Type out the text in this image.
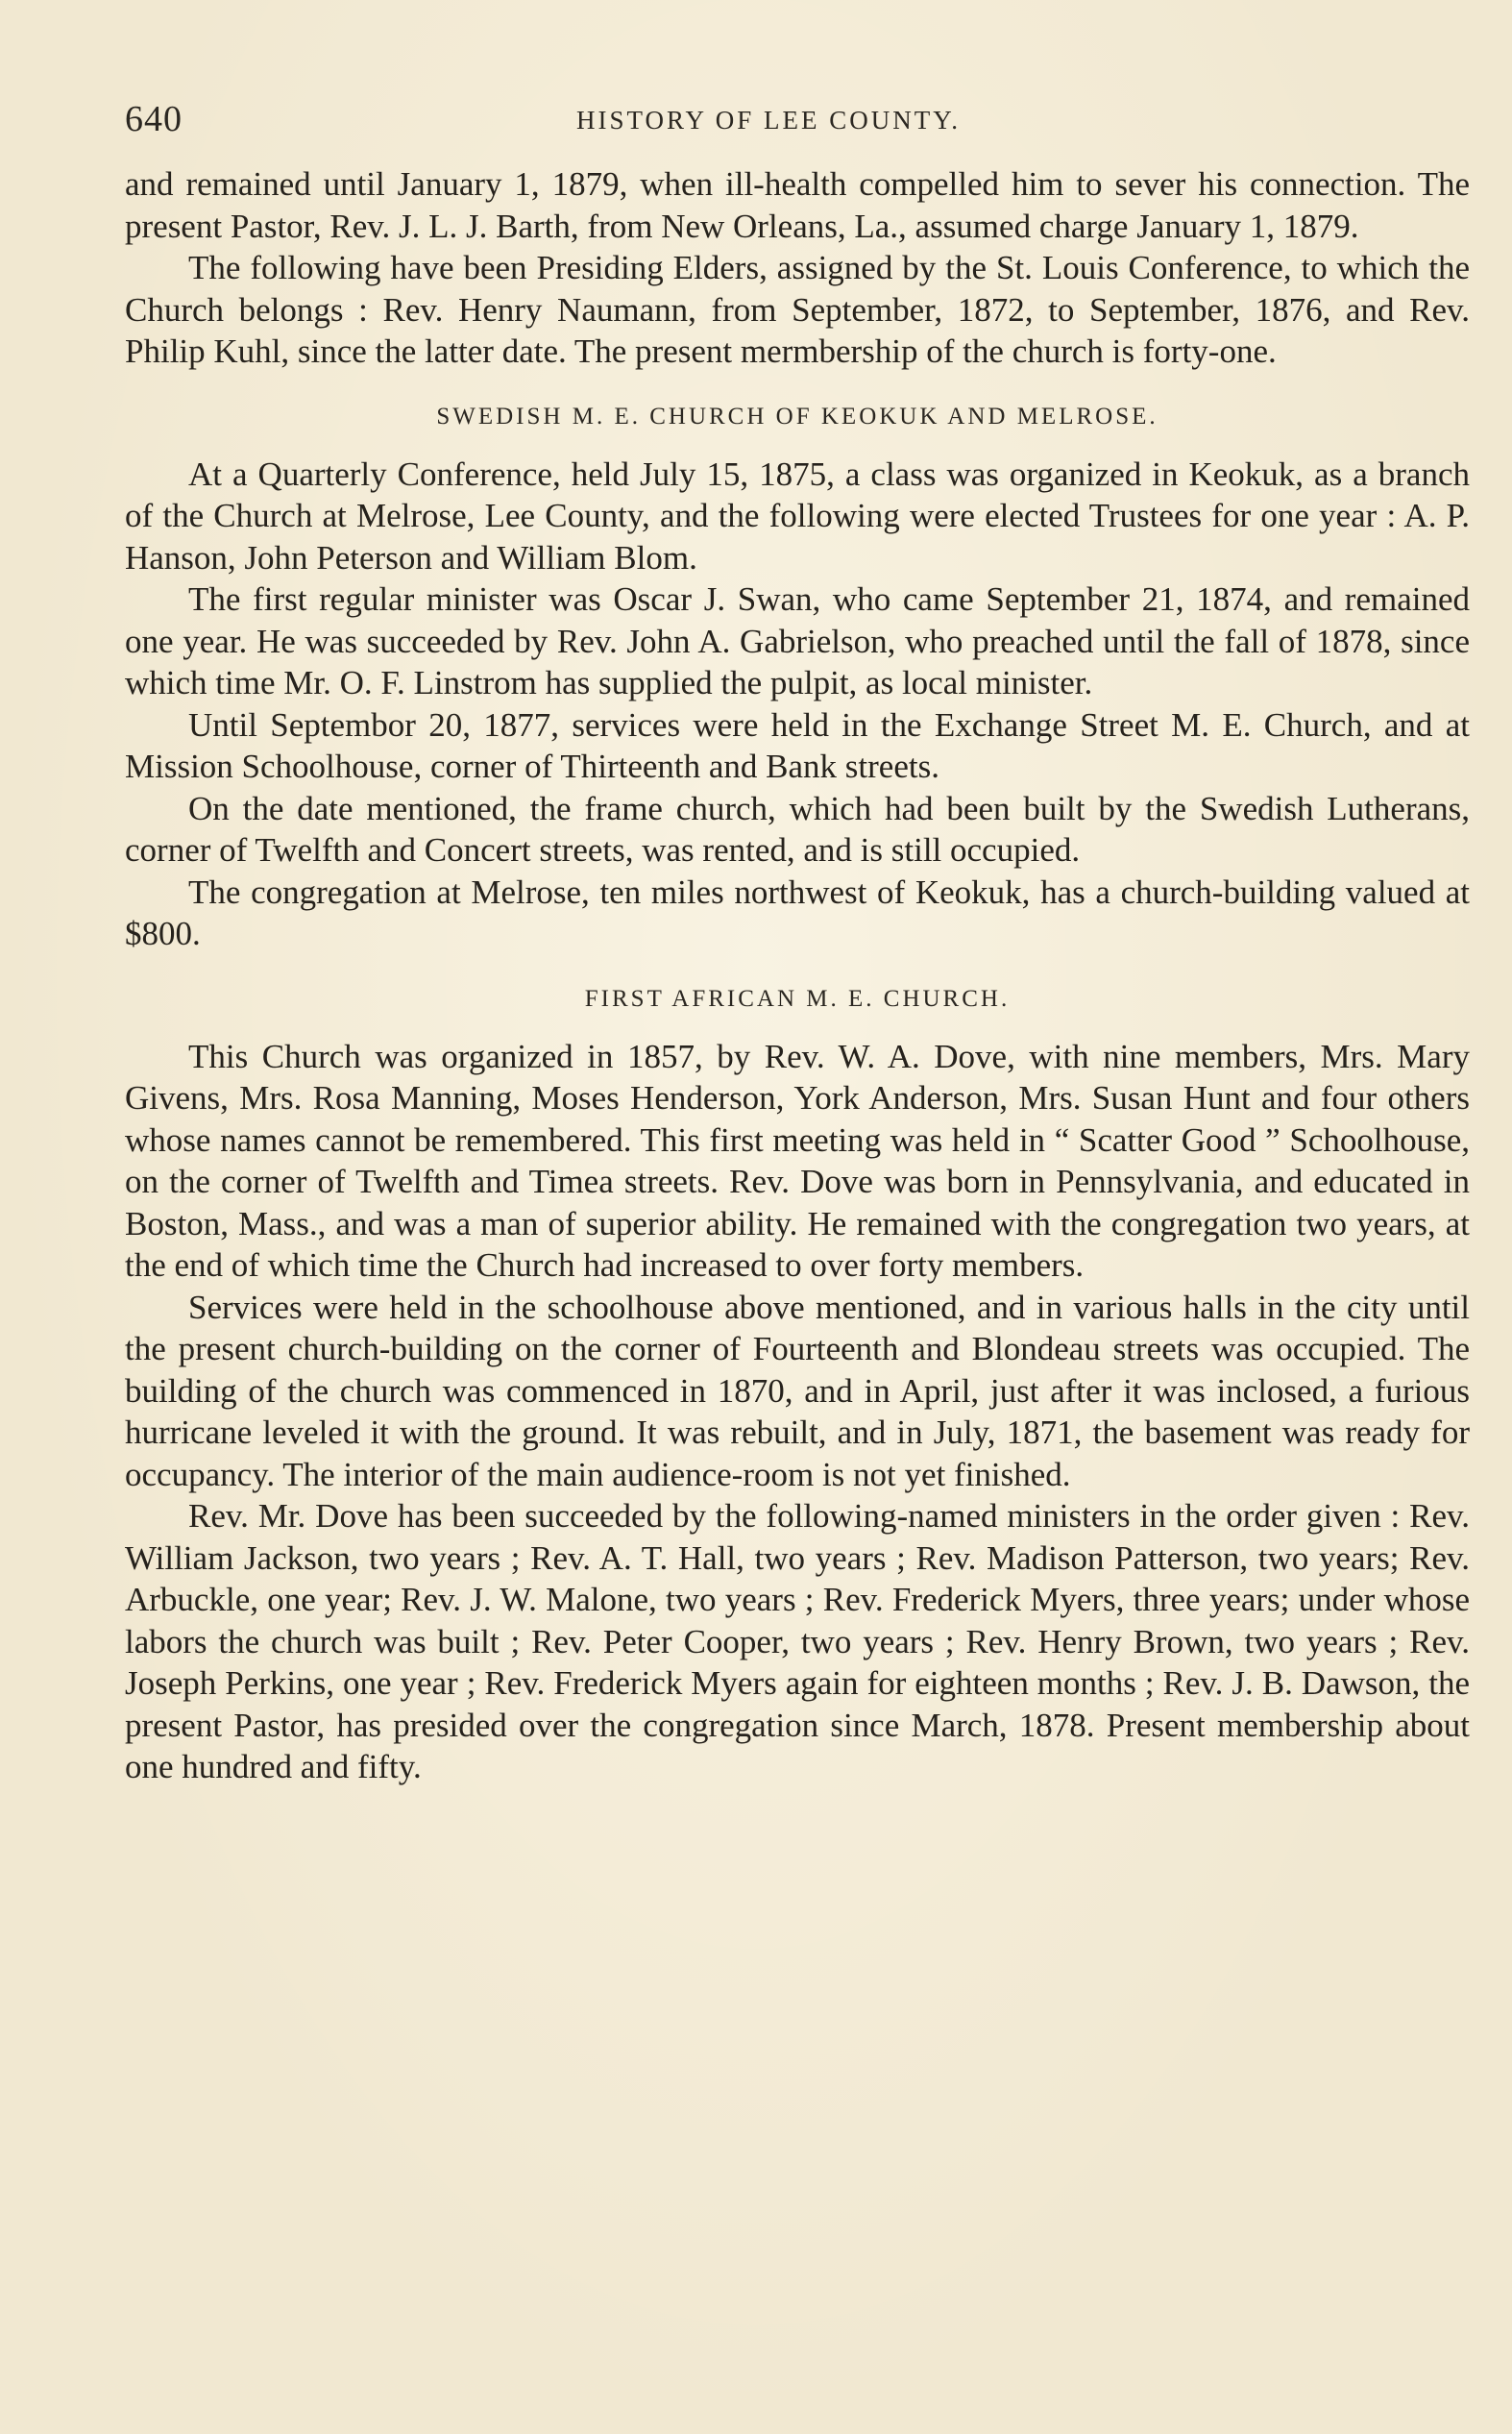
640	HISTORY OF LEE COUNTY.

and remained until January 1, 1879, when ill-health compelled him to sever his connection. The present Pastor, Rev. J. L. J. Barth, from New Orleans, La., assumed charge January 1, 1879.

The following have been Presiding Elders, assigned by the St. Louis Conference, to which the Church belongs : Rev. Henry Naumann, from September, 1872, to September, 1876, and Rev. Philip Kuhl, since the latter date. The present mermbership of the church is forty-one.

SWEDISH M. E. CHURCH OF KEOKUK AND MELROSE.

At a Quarterly Conference, held July 15, 1875, a class was organized in Keokuk, as a branch of the Church at Melrose, Lee County, and the following were elected Trustees for one year : A. P. Hanson, John Peterson and William Blom.

The first regular minister was Oscar J. Swan, who came September 21, 1874, and remained one year. He was succeeded by Rev. John A. Gabrielson, who preached until the fall of 1878, since which time Mr. O. F. Linstrom has supplied the pulpit, as local minister.

Until Septembor 20, 1877, services were held in the Exchange Street M. E. Church, and at Mission Schoolhouse, corner of Thirteenth and Bank streets.

On the date mentioned, the frame church, which had been built by the Swedish Lutherans, corner of Twelfth and Concert streets, was rented, and is still occupied.

The congregation at Melrose, ten miles northwest of Keokuk, has a church-building valued at $800.

FIRST AFRICAN M. E. CHURCH.

This Church was organized in 1857, by Rev. W. A. Dove, with nine members, Mrs. Mary Givens, Mrs. Rosa Manning, Moses Henderson, York Anderson, Mrs. Susan Hunt and four others whose names cannot be remembered. This first meeting was held in “ Scatter Good ” Schoolhouse, on the corner of Twelfth and Timea streets. Rev. Dove was born in Pennsylvania, and educated in Boston, Mass., and was a man of superior ability. He remained with the congregation two years, at the end of which time the Church had increased to over forty members.

Services were held in the schoolhouse above mentioned, and in various halls in the city until the present church-building on the corner of Fourteenth and Blondeau streets was occupied. The building of the church was commenced in 1870, and in April, just after it was inclosed, a furious hurricane leveled it with the ground. It was rebuilt, and in July, 1871, the basement was ready for occupancy. The interior of the main audience-room is not yet finished.

Rev. Mr. Dove has been succeeded by the following-named ministers in the order given : Rev. William Jackson, two years ; Rev. A. T. Hall, two years ; Rev. Madison Patterson, two years; Rev. Arbuckle, one year; Rev. J. W. Malone, two years ; Rev. Frederick Myers, three years; under whose labors the church was built ; Rev. Peter Cooper, two years ; Rev. Henry Brown, two years ; Rev. Joseph Perkins, one year ; Rev. Frederick Myers again for eighteen months ; Rev. J. B. Dawson, the present Pastor, has presided over the congregation since March, 1878. Present membership about one hundred and fifty.
